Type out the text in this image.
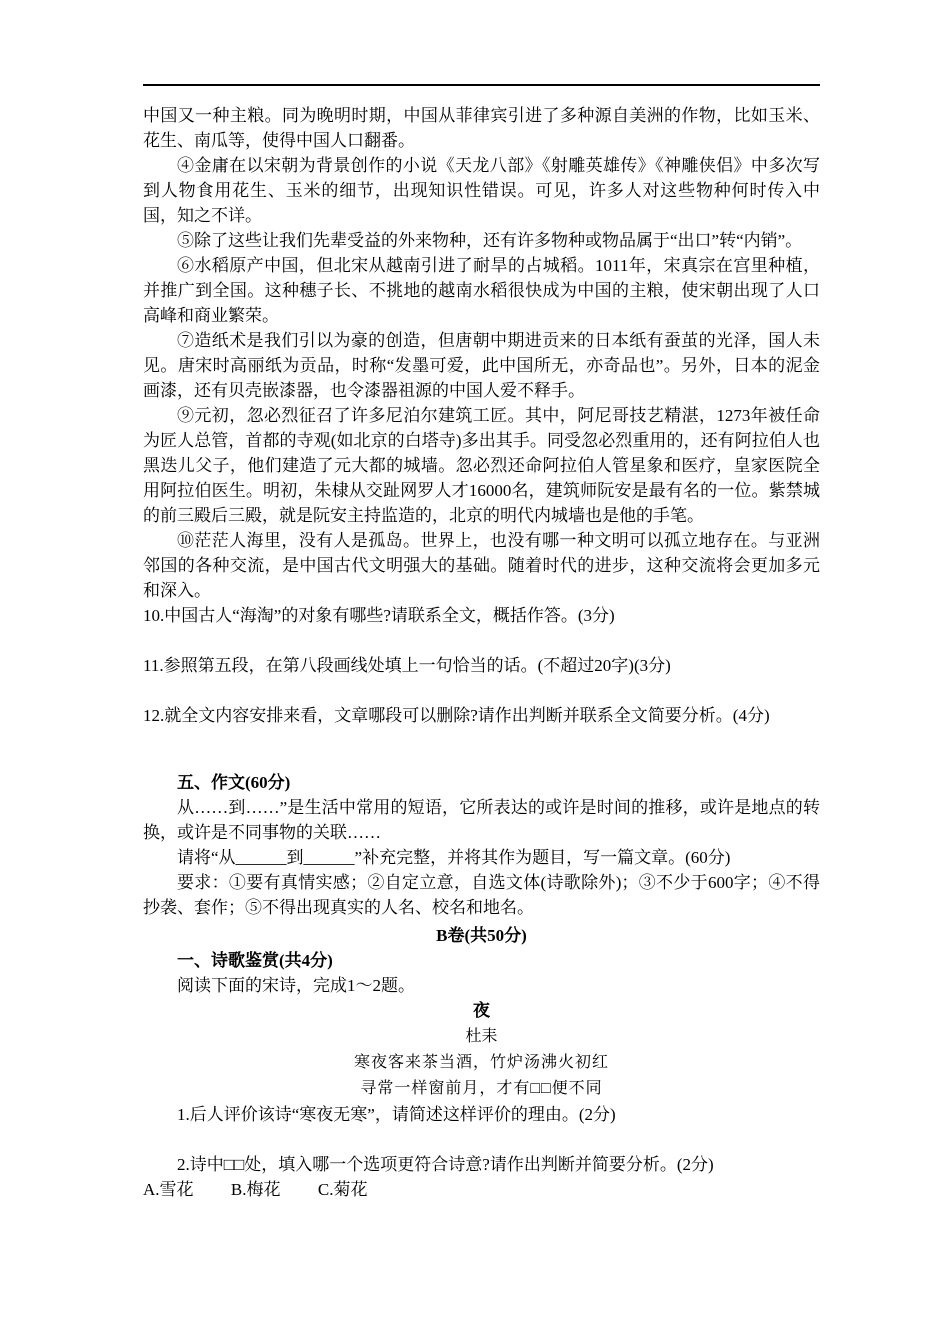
中国又一种主粮。同为晚明时期，中国从菲律宾引进了多种源自美洲的作物，比如玉米、花生、南瓜等，使得中国人口翻番。

④金庸在以宋朝为背景创作的小说《天龙八部》《射雕英雄传》《神雕侠侣》中多次写到人物食用花生、玉米的细节，出现知识性错误。可见，许多人对这些物种何时传入中国，知之不详。

⑤除了这些让我们先辈受益的外来物种，还有许多物种或物品属于“出口”转“内销”。

⑥水稻原产中国，但北宋从越南引进了耐旱的占城稻。1011年，宋真宗在宫里种植，并推广到全国。这种穗子长、不挑地的越南水稻很快成为中国的主粮，使宋朝出现了人口高峰和商业繁荣。

⑦造纸术是我们引以为豪的创造，但唐朝中期进贡来的日本纸有蚕茧的光泽，国人未见。唐宋时高丽纸为贡品，时称“发墨可爱，此中国所无，亦奇品也”。另外，日本的泥金画漆，还有贝壳嵌漆器，也令漆器祖源的中国人爱不释手。

⑨元初，忽必烈征召了许多尼泊尔建筑工匠。其中，阿尼哥技艺精湛，1273年被任命为匠人总管，首都的寺观(如北京的白塔寺)多出其手。同受忽必烈重用的，还有阿拉伯人也黑迭儿父子，他们建造了元大都的城墙。忽必烈还命阿拉伯人管星象和医疗，皇家医院全用阿拉伯医生。明初，朱棣从交趾网罗人才16000名，建筑师阮安是最有名的一位。紫禁城的前三殿后三殿，就是阮安主持监造的，北京的明代内城墙也是他的手笔。

⑩茫茫人海里，没有人是孤岛。世界上，也没有哪一种文明可以孤立地存在。与亚洲邻国的各种交流，是中国古代文明强大的基础。随着时代的进步，这种交流将会更加多元和深入。

10.中国古人“海淘”的对象有哪些?请联系全文，概括作答。(3分)

11.参照第五段，在第八段画线处填上一句恰当的话。(不超过20字)(3分)

12.就全文内容安排来看，文章哪段可以删除?请作出判断并联系全文简要分析。(4分)

五、作文(60分)

从……到……”是生活中常用的短语，它所表达的或许是时间的推移，或许是地点的转换，或许是不同事物的关联……

请将“从______到______”补充完整，并将其作为题目，写一篇文章。(60分)

要求：①要有真情实感；②自定立意，自选文体(诗歌除外)；③不少于600字；④不得抄袭、套作；⑤不得出现真实的人名、校名和地名。

B卷(共50分)

一、诗歌鉴赏(共4分)

阅读下面的宋诗，完成1～2题。

夜

杜耒

寒夜客来茶当酒，竹炉汤沸火初红

寻常一样窗前月，才有□□便不同

1.后人评价该诗“寒夜无寒”，请简述这样评价的理由。(2分)

2.诗中□□处，填入哪一个选项更符合诗意?请作出判断并简要分析。(2分)

A.雪花 B.梅花 C.菊花
